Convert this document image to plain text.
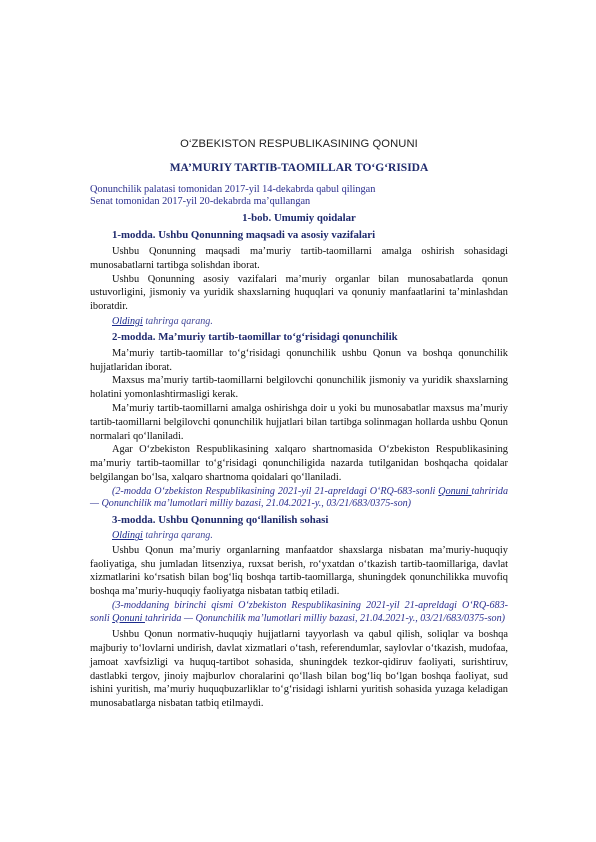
O‘ZBEKISTON RESPUBLIKASINING QONUNI

MA’MURIY TARTIB-TAOMILLAR TO‘G‘RISIDA

Qonunchilik palatasi tomonidan 2017-yil 14-dekabrda qabul qilingan

Senat tomonidan 2017-yil 20-dekabrda ma’qullangan

1-bob. Umumiy qoidalar

1-modda. Ushbu Qonunning maqsadi va asosiy vazifalari

Ushbu Qonunning maqsadi ma’muriy tartib-taomillarni amalga oshirish sohasidagi munosabatlarni tartibga solishdan iborat.

Ushbu Qonunning asosiy vazifalari ma’muriy organlar bilan munosabatlarda qonun ustuvorligini, jismoniy va yuridik shaxslarning huquqlari va qonuniy manfaatlarini ta’minlashdan iboratdir.

Oldingi tahrirga qarang.

2-modda. Ma’muriy tartib-taomillar to‘g‘risidagi qonunchilik

Ma’muriy tartib-taomillar to‘g‘risidagi qonunchilik ushbu Qonun va boshqa qonunchilik hujjatlaridan iborat.

Maxsus ma’muriy tartib-taomillarni belgilovchi qonunchilik jismoniy va yuridik shaxslarning holatini yomonlashtirmasligi kerak.

Ma’muriy tartib-taomillarni amalga oshirishga doir u yoki bu munosabatlar maxsus ma’muriy tartib-taomillarni belgilovchi qonunchilik hujjatlari bilan tartibga solinmagan hollarda ushbu Qonun normalari qo‘llaniladi.

Agar O‘zbekiston Respublikasining xalqaro shartnomasida O‘zbekiston Respublikasining ma’muriy tartib-taomillar to‘g‘risidagi qonunchiligida nazarda tutilganidan boshqacha qoidalar belgilangan bo‘lsa, xalqaro shartnoma qoidalari qo‘llaniladi.

(2-modda O‘zbekiston Respublikasining 2021-yil 21-apreldagi O‘RQ-683-sonli Qonuni tahririda — Qonunchilik ma’lumotlari milliy bazasi, 21.04.2021-y., 03/21/683/0375-son)

3-modda. Ushbu Qonunning qo‘llanilish sohasi

Oldingi tahrirga qarang.

Ushbu Qonun ma’muriy organlarning manfaatdor shaxslarga nisbatan ma’muriy-huquqiy faoliyatiga, shu jumladan litsenziya, ruxsat berish, ro‘yxatdan o‘tkazish tartib-taomillariga, davlat xizmatlarini ko‘rsatish bilan bog‘liq boshqa tartib-taomillarga, shuningdek qonunchilikka muvofiq boshqa ma’muriy-huquqiy faoliyatga nisbatan tatbiq etiladi.

(3-moddaning birinchi qismi O‘zbekiston Respublikasining 2021-yil 21-apreldagi O‘RQ-683-sonli Qonuni tahririda — Qonunchilik ma’lumotlari milliy bazasi, 21.04.2021-y., 03/21/683/0375-son)

Ushbu Qonun normativ-huquqiy hujjatlarni tayyorlash va qabul qilish, soliqlar va boshqa majburiy to‘lovlarni undirish, davlat xizmatlari o‘tash, referendumlar, saylovlar o‘tkazish, mudofaa, jamoat xavfsizligi va huquq-tartibot sohasida, shuningdek tezkor-qidiruv faoliyati, surishtiruv, dastlabki tergov, jinoiy majburlov choralarini qo‘llash bilan bog‘liq bo‘lgan boshqa faoliyat, sud ishini yuritish, ma’muriy huquqbuzarliklar to‘g‘risidagi ishlarni yuritish sohasida yuzaga keladigan munosabatlarga nisbatan tatbiq etilmaydi.
